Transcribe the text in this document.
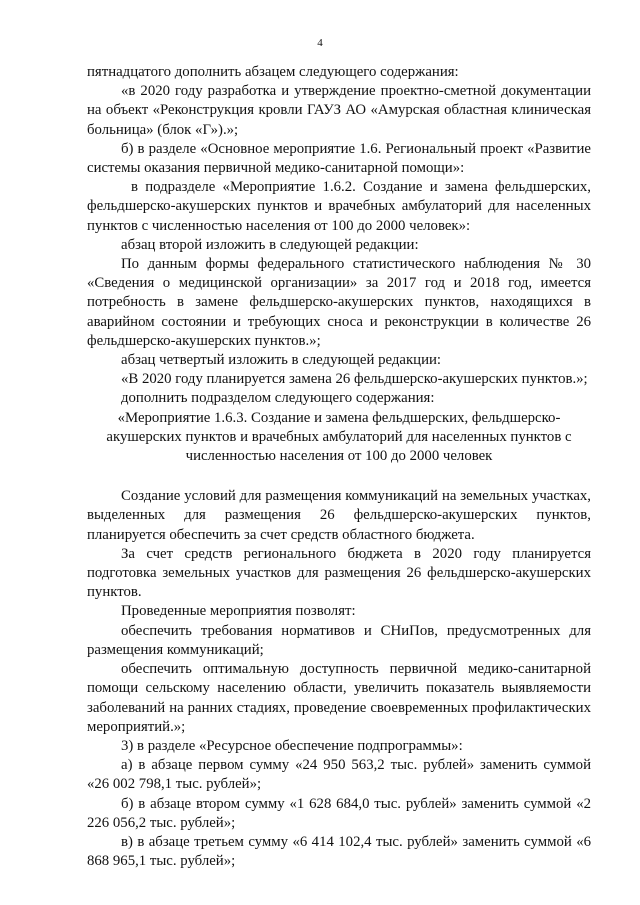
4

пятнадцатого дополнить абзацем следующего содержания:

«в 2020 году разработка и утверждение проектно-сметной документации на объект «Реконструкция кровли ГАУЗ АО «Амурская областная клиническая больница» (блок «Г»).»;

б) в разделе «Основное мероприятие 1.6. Региональный проект «Развитие системы оказания первичной медико-санитарной помощи»:

в подразделе «Мероприятие 1.6.2. Создание и замена фельдшерских, фельдшерско-акушерских пунктов и врачебных амбулаторий для населенных пунктов с численностью населения от 100 до 2000 человек»:

абзац второй изложить в следующей редакции:

По данным формы федерального статистического наблюдения № 30 «Сведения о медицинской организации» за 2017 год и 2018 год, имеется потребность в замене фельдшерско-акушерских пунктов, находящихся в аварийном состоянии и требующих сноса и реконструкции в количестве 26 фельдшерско-акушерских пунктов.»;

абзац четвертый изложить в следующей редакции:

«В 2020 году планируется замена 26 фельдшерско-акушерских пунктов.»;

дополнить подразделом следующего содержания:

«Мероприятие 1.6.3. Создание и замена фельдшерских, фельдшерско-акушерских пунктов и врачебных амбулаторий для населенных пунктов с численностью населения от 100 до 2000 человек

Создание условий для размещения коммуникаций на земельных участках, выделенных для размещения 26 фельдшерско-акушерских пунктов, планируется обеспечить за счет средств областного бюджета.

За счет средств регионального бюджета в 2020 году планируется подготовка земельных участков для размещения 26 фельдшерско-акушерских пунктов.

Проведенные мероприятия позволят:

обеспечить требования нормативов и СНиПов, предусмотренных для размещения коммуникаций;

обеспечить оптимальную доступность первичной медико-санитарной помощи сельскому населению области, увеличить показатель выявляемости заболеваний на ранних стадиях, проведение своевременных профилактических мероприятий.»;

3) в разделе «Ресурсное обеспечение подпрограммы»:

а) в абзаце первом сумму «24 950 563,2 тыс. рублей» заменить суммой «26 002 798,1 тыс. рублей»;

б) в абзаце втором сумму «1 628 684,0 тыс. рублей» заменить суммой «2 226 056,2 тыс. рублей»;

в) в абзаце третьем сумму «6 414 102,4 тыс. рублей» заменить суммой «6 868 965,1 тыс. рублей»;
